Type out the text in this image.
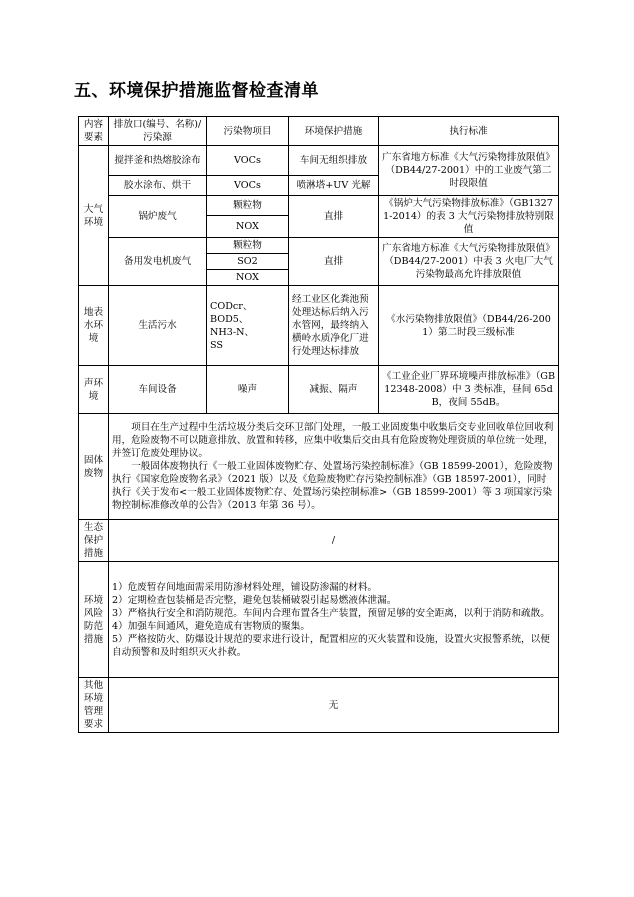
五、环境保护措施监督检查清单
内容要素	排放口(编号、名称)/污染源	污染物项目	环境保护措施	执行标准
大气环境	搅拌釜和热熔胶涂布	VOCs	车间无组织排放	广东省地方标准《大气污染物排放限值》（DB44/27-2001）中的工业废气第二时段限值
	胶水涂布、烘干	VOCs	喷淋塔+UV 光解	
	锅炉废气	颗粒物	直排	《锅炉大气污染物排放标准》（GB13271-2014）的表 3 大气污染物排放特别限值
		NOX		
	备用发电机废气	颗粒物	直排	广东省地方标准《大气污染物排放限值》（DB44/27-2001）中表 3 火电厂大气污染物最高允许排放限值
		SO2		
		NOX		

地表水环境	生活污水	CODcr、
BOD5、
NH3-N、
SS	经工业区化粪池预处理达标后纳入污水管网，最终纳入横岭水质净化厂进行处理达标排放	《水污染物排放限值》（DB44/26-2001）第二时段三级标准
声环境	车间设备	噪声	减振、隔声	《工业企业厂界环境噪声排放标准》（GB12348-2008）中 3 类标准，昼间 65dB，夜间 55dB。
固体废物	项目在生产过程中生活垃圾分类后交环卫部门处理，一般工业固废集中收集后交专业回收单位回收利用，危险废物不可以随意排放、放置和转移，应集中收集后交由具有危险废物处理资质的单位统一处理，并签订危废处理协议。
一般固体废物执行《一般工业固体废物贮存、处置场污染控制标准》（GB 18599-2001），危险废物执行《国家危险废物名录》（2021 版）以及《危险废物贮存污染控制标准》（GB 18597-2001），同时执行《关于发布<一般工业固体废物贮存、处置场污染控制标准>（GB 18599-2001）等 3 项国家污染物控制标准修改单的公告》（2013 年第 36 号）。			

生态保护措施	/			
环境风险防范措施	1）危废暂存间地面需采用防渗材料处理，铺设防渗漏的材料。
2）定期检查包装桶是否完整，避免包装桶破裂引起易燃液体泄漏。
3）严格执行安全和消防规范。车间内合理布置各生产装置，预留足够的安全距离，以利于消防和疏散。
4）加强车间通风，避免造成有害物质的聚集。
5）严格按防火、防爆设计规范的要求进行设计，配置相应的灭火装置和设施，设置火灾报警系统，以便自动预警和及时组织灭火扑救。			

其他环境管理要求	无			
